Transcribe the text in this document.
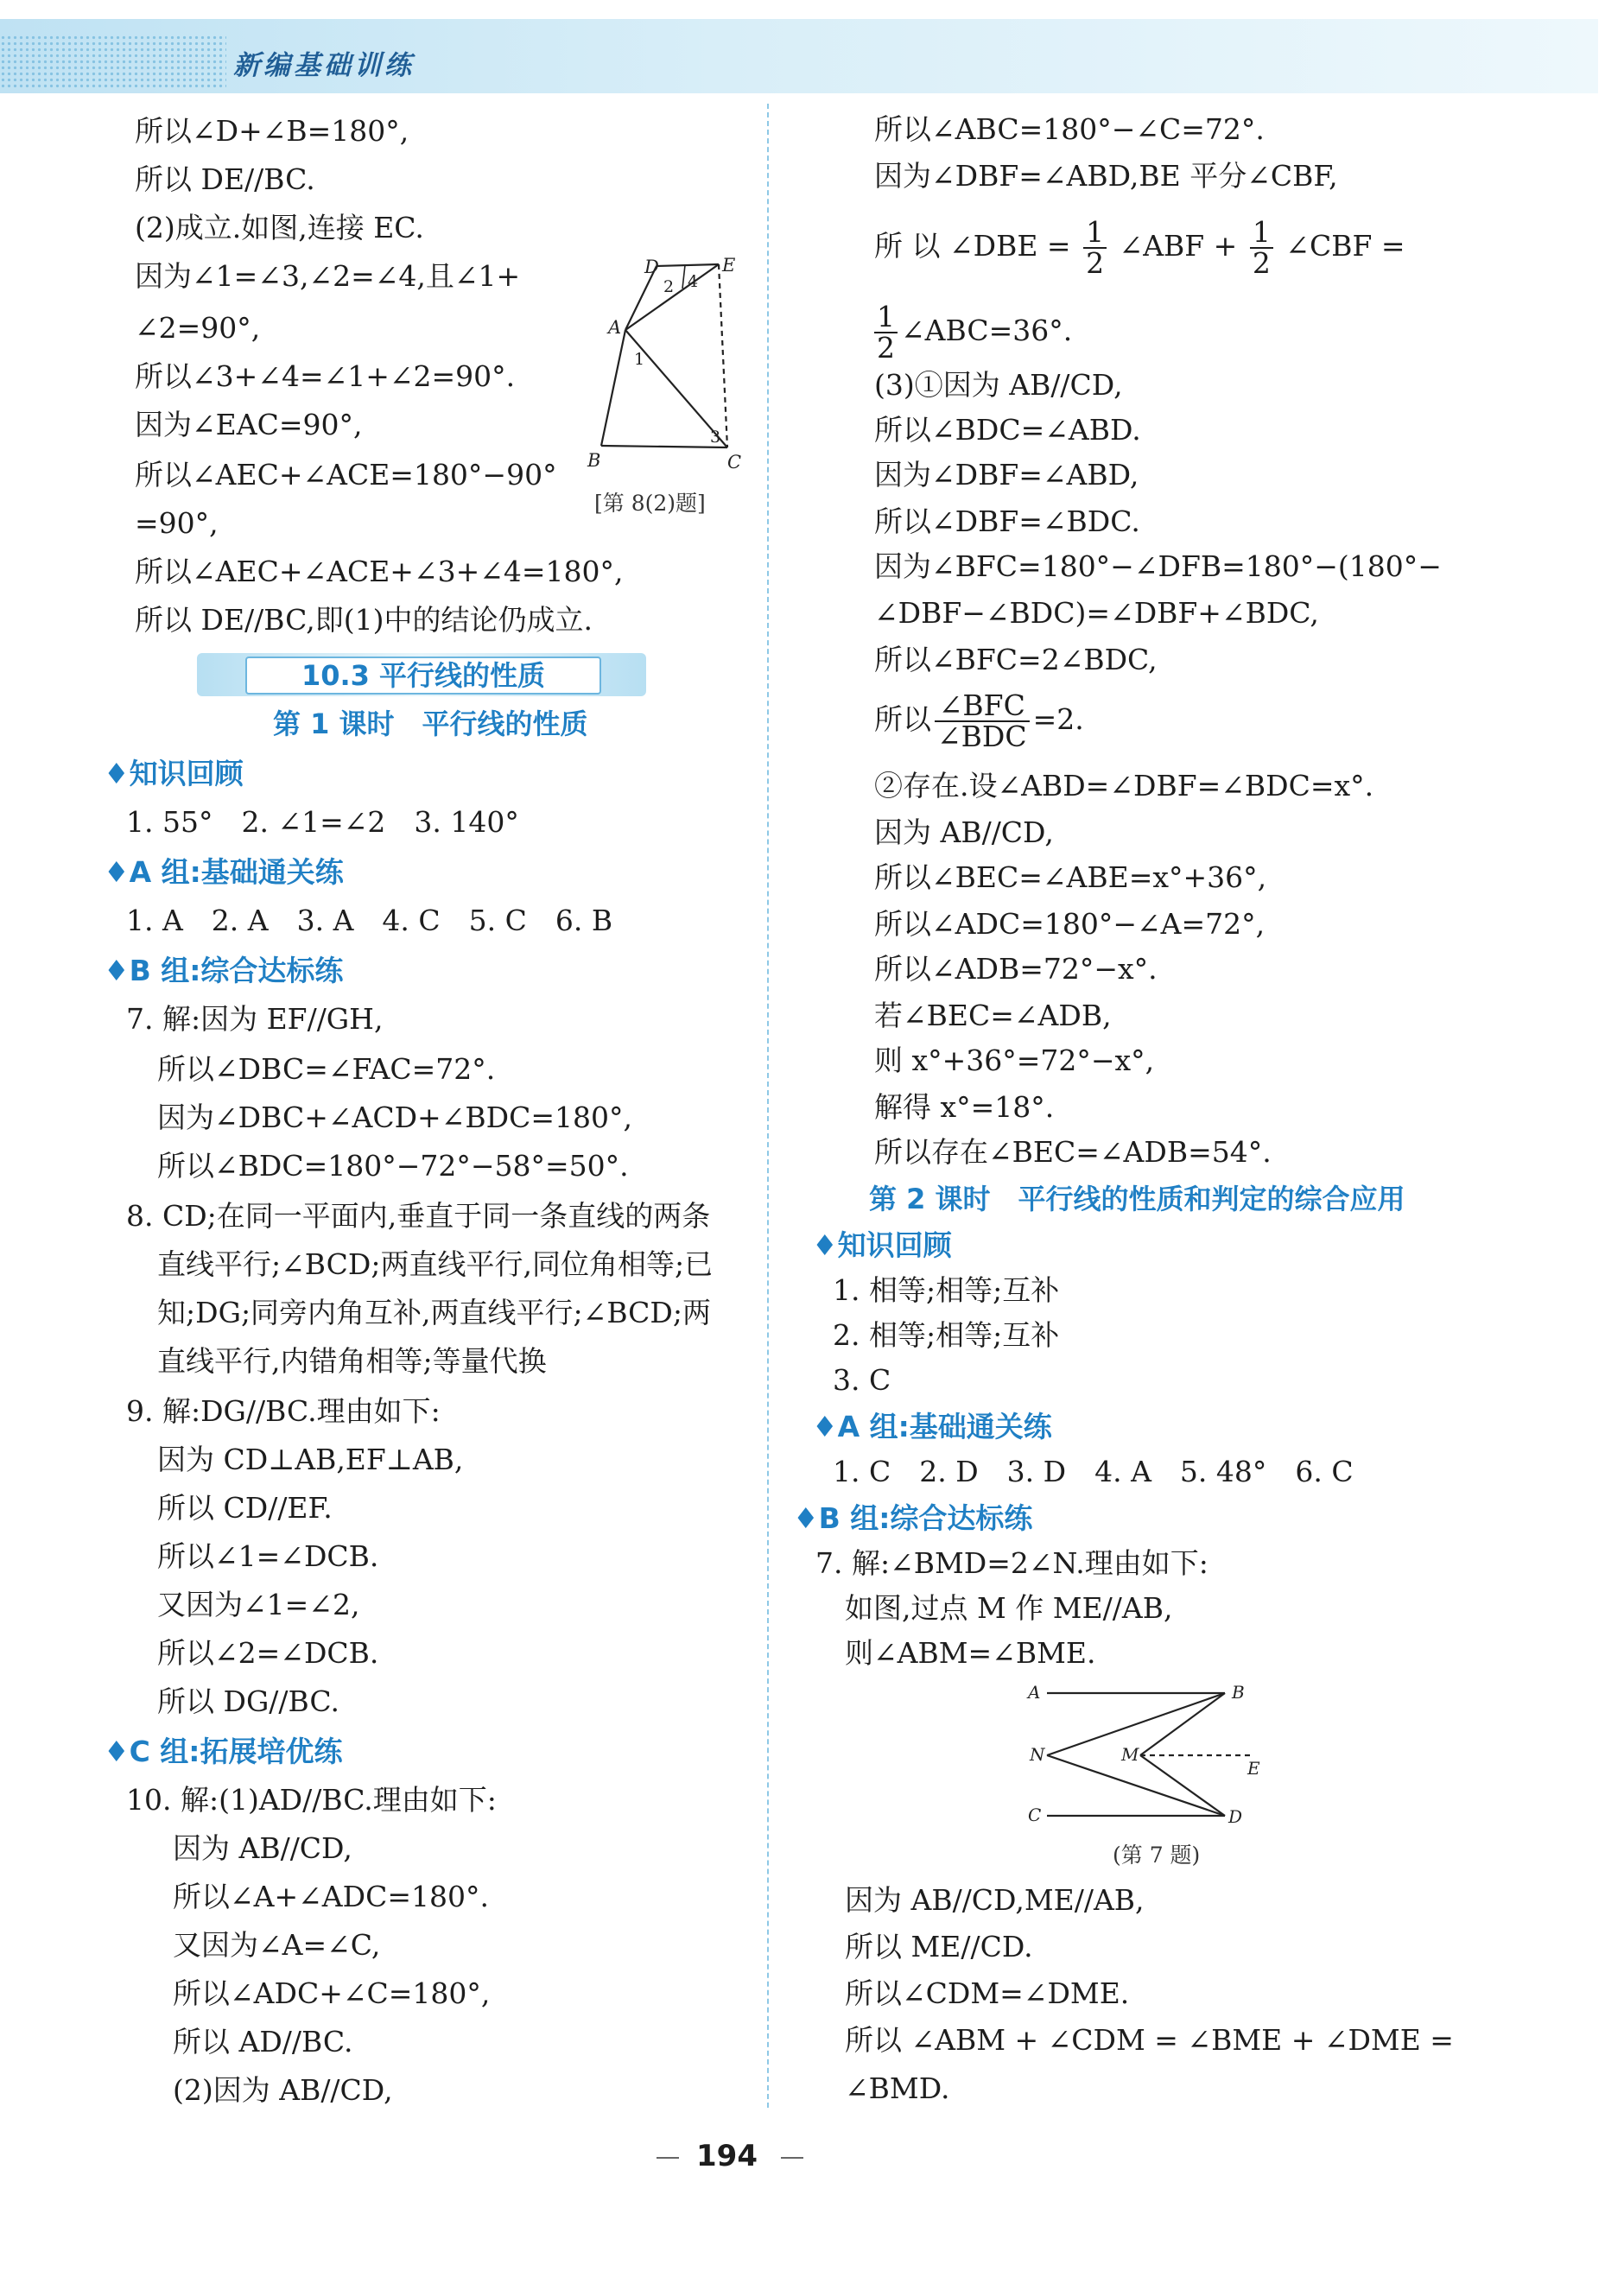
新编基础训练
所以∠D+∠B=180°,
所以 DE//BC.
(2)成立.如图,连接 EC.
因为∠1=∠3,∠2=∠4,且∠1+
∠2=90°,
所以∠3+∠4=∠1+∠2=90°.
因为∠EAC=90°,
所以∠AEC+∠ACE=180°−90°
=90°,
所以∠AEC+∠ACE+∠3+∠4=180°,
所以 DE//BC,即(1)中的结论仍成立.
D	E
A
B	C
1
2
3
4
[第 8(2)题]
10.3 平行线的性质
第 1 课时　平行线的性质
♦知识回顾
1. 55°　2. ∠1=∠2　3. 140°
♦A 组:基础通关练
1. A　2. A　3. A　4. C　5. C　6. B
♦B 组:综合达标练
7. 解:因为 EF//GH,
所以∠DBC=∠FAC=72°.
因为∠DBC+∠ACD+∠BDC=180°,
所以∠BDC=180°−72°−58°=50°.
8. CD;在同一平面内,垂直于同一条直线的两条
直线平行;∠BCD;两直线平行,同位角相等;已
知;DG;同旁内角互补,两直线平行;∠BCD;两
直线平行,内错角相等;等量代换
9. 解:DG//BC.理由如下:
因为 CD⊥AB,EF⊥AB,
所以 CD//EF.
所以∠1=∠DCB.
又因为∠1=∠2,
所以∠2=∠DCB.
所以 DG//BC.
♦C 组:拓展培优练
10. 解:(1)AD//BC.理由如下:
因为 AB//CD,
所以∠A+∠ADC=180°.
又因为∠A=∠C,
所以∠ADC+∠C=180°,
所以 AD//BC.
(2)因为 AB//CD,
所以∠ABC=180°−∠C=72°.
因为∠DBF=∠ABD,BE 平分∠CBF,
所 以 ∠DBE = $\frac{1}{2}$ ∠ABF + $\frac{1}{2}$ ∠CBF =
$\frac{1}{2}$ ∠ABC=36°.
(3)①因为 AB//CD,
所以∠BDC=∠ABD.
因为∠DBF=∠ABD,
所以∠DBF=∠BDC.
因为∠BFC=180°−∠DFB=180°−(180°−
∠DBF−∠BDC)=∠DBF+∠BDC,
所以∠BFC=2∠BDC,
所以 $\frac{\text{∠BFC}}{\text{∠BDC}} =2$.
②存在.设∠ABD=∠DBF=∠BDC=x°.
因为 AB//CD,
所以∠BEC=∠ABE=x°+36°,
所以∠ADC=180°−∠A=72°,
所以∠ADB=72°−x°.
若∠BEC=∠ADB,
则 x°+36°=72°−x°,
解得 x°=18°.
所以存在∠BEC=∠ADB=54°.
第 2 课时　平行线的性质和判定的综合应用
♦知识回顾
1. 相等;相等;互补
2. 相等;相等;互补
3. C
♦A 组:基础通关练
1. C　2. D　3. D　4. A　5. 48°　6. C
♦B 组:综合达标练
7. 解:∠BMD=2∠N.理由如下:
如图,过点 M 作 ME//AB,
则∠ABM=∠BME.
A	B
N	M
E
C	D
(第 7 题)
因为 AB//CD,ME//AB,
所以 ME//CD.
所以∠CDM=∠DME.
所以 ∠ABM + ∠CDM = ∠BME + ∠DME =
∠BMD.
194
